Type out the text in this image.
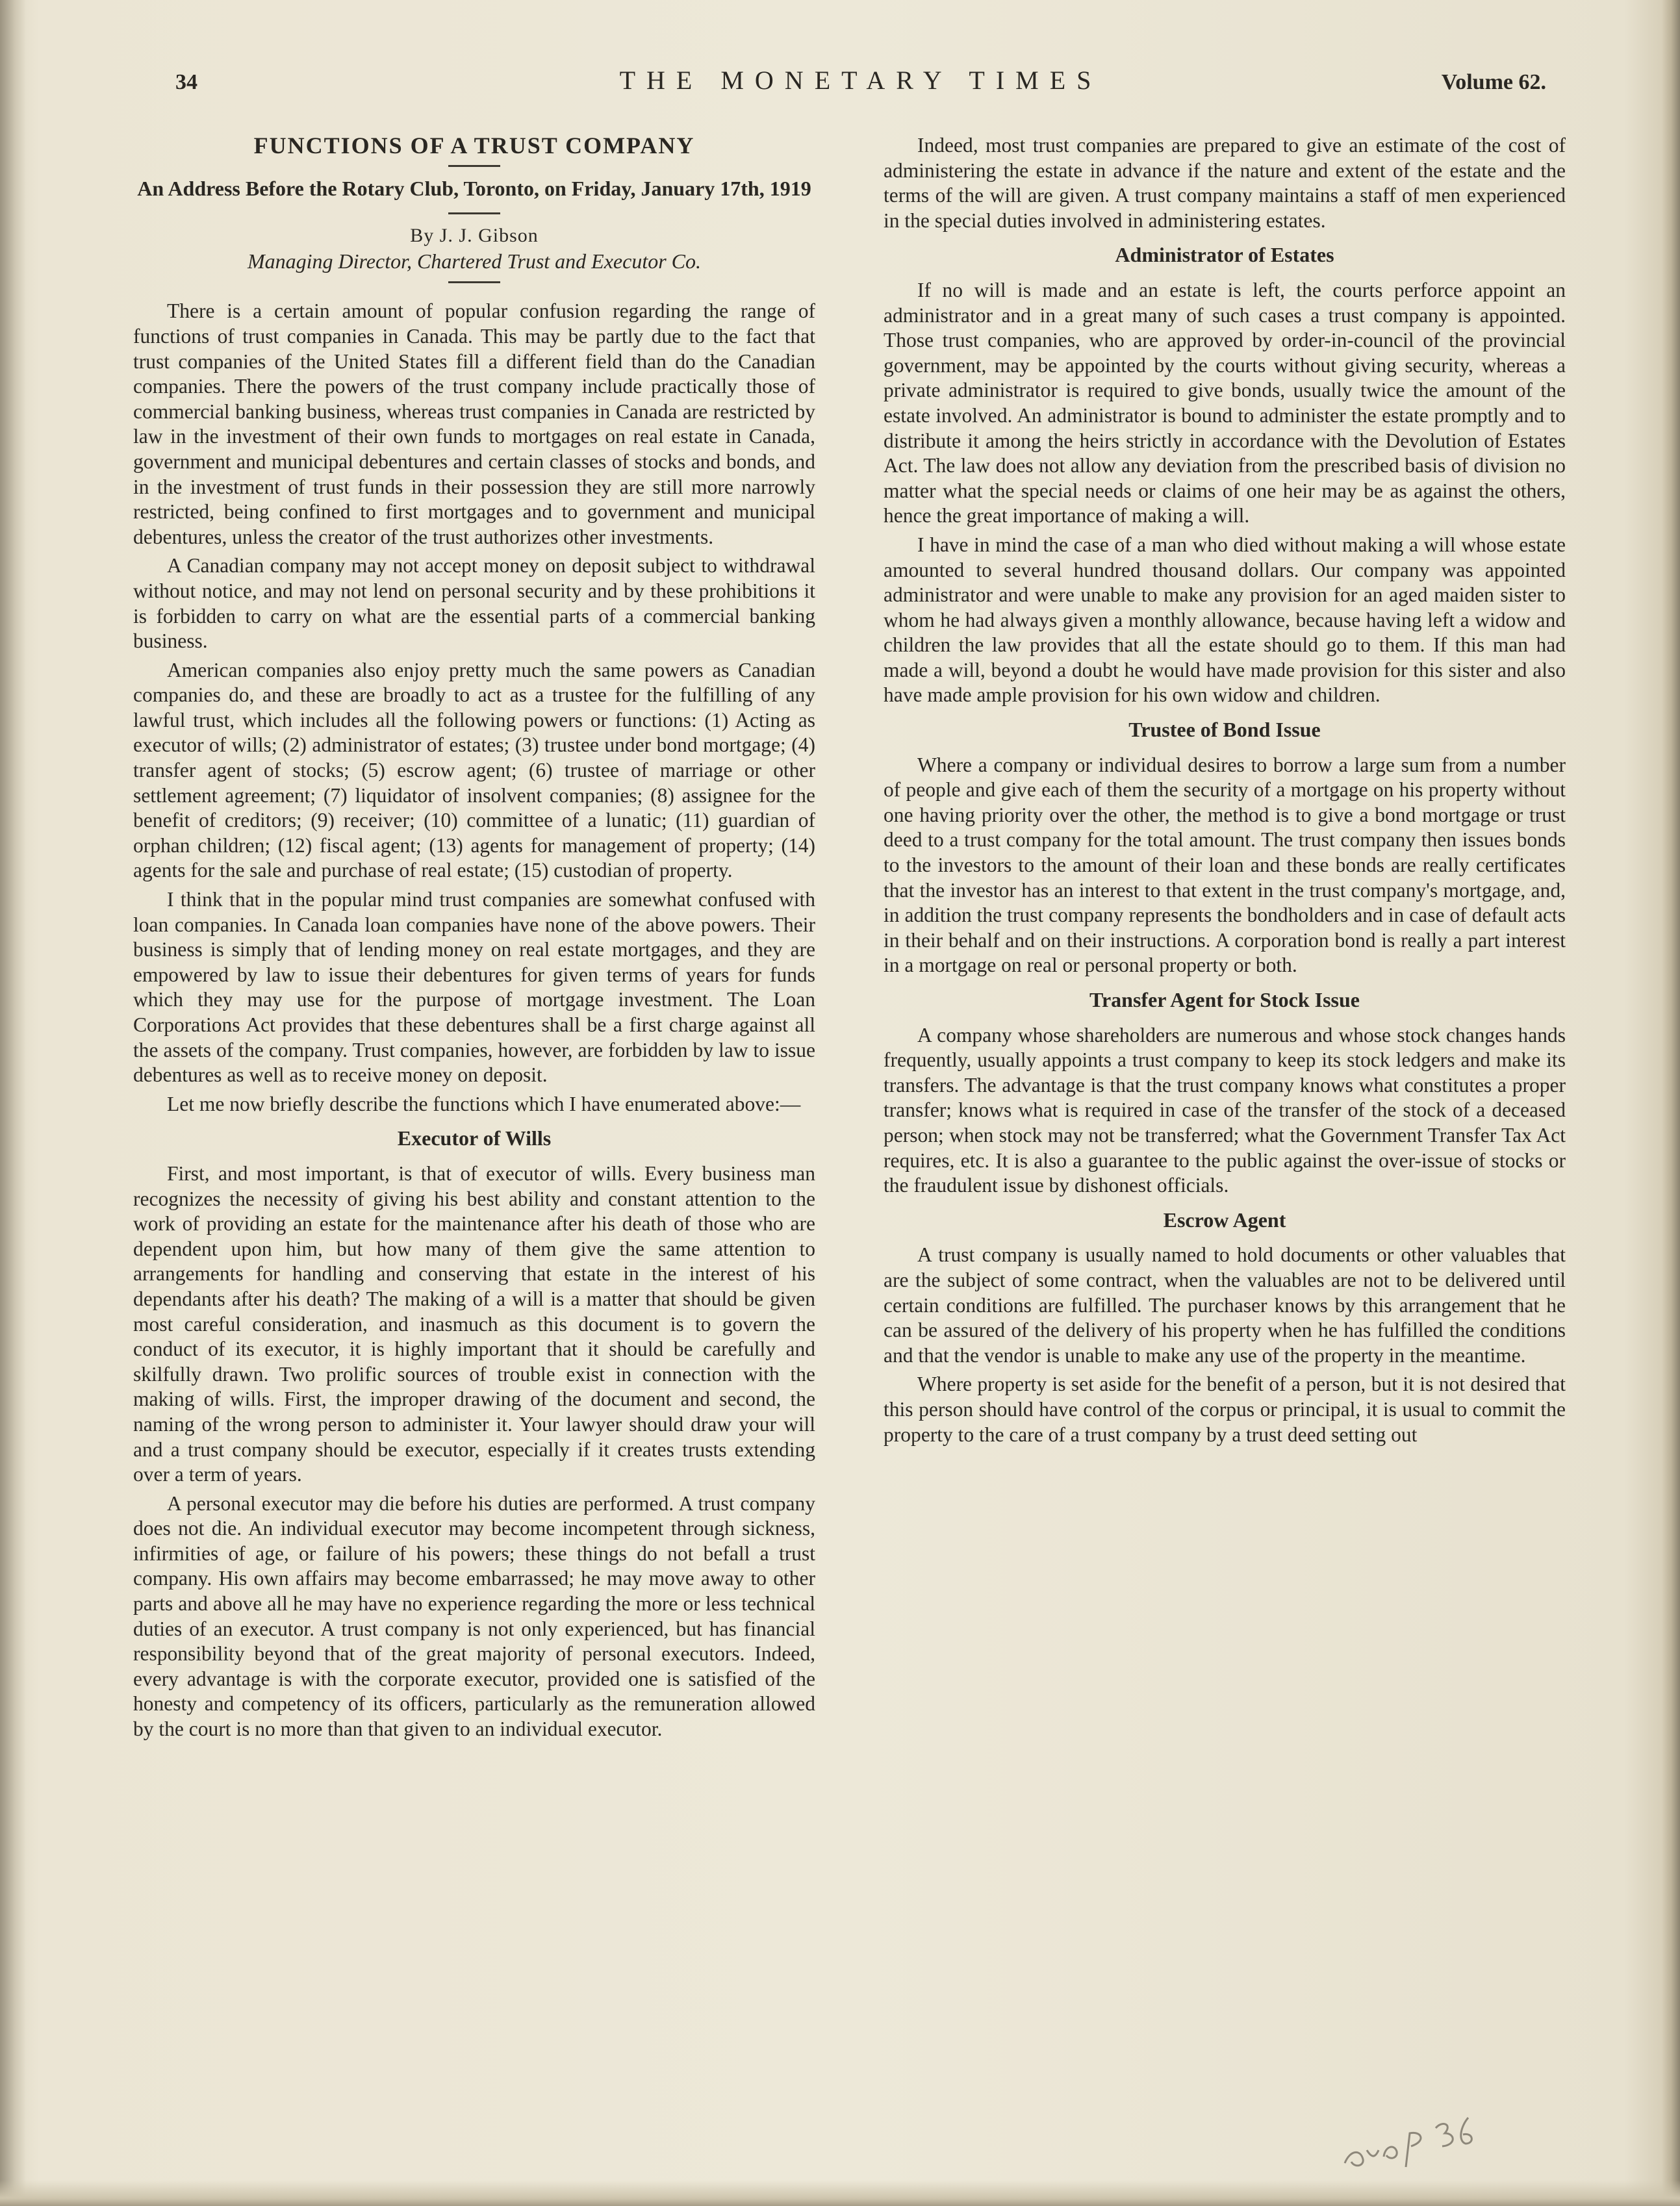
34	THE MONETARY TIMES	Volume 62.
FUNCTIONS OF A TRUST COMPANY
An Address Before the Rotary Club, Toronto, on Friday, January 17th, 1919
By J. J. Gibson
Managing Director, Chartered Trust and Executor Co.

There is a certain amount of popular confusion regarding the range of functions of trust companies in Canada. This may be partly due to the fact that trust companies of the United States fill a different field than do the Canadian companies. There the powers of the trust company include practically those of commercial banking business, whereas trust companies in Canada are restricted by law in the investment of their own funds to mortgages on real estate in Canada, government and municipal debentures and certain classes of stocks and bonds, and in the investment of trust funds in their possession they are still more narrowly restricted, being confined to first mortgages and to government and municipal debentures, unless the creator of the trust authorizes other investments.

A Canadian company may not accept money on deposit subject to withdrawal without notice, and may not lend on personal security and by these prohibitions it is forbidden to carry on what are the essential parts of a commercial banking business.

American companies also enjoy pretty much the same powers as Canadian companies do, and these are broadly to act as a trustee for the fulfilling of any lawful trust, which includes all the following powers or functions: (1) Acting as executor of wills; (2) administrator of estates; (3) trustee under bond mortgage; (4) transfer agent of stocks; (5) escrow agent; (6) trustee of marriage or other settlement agreement; (7) liquidator of insolvent companies; (8) assignee for the benefit of creditors; (9) receiver; (10) committee of a lunatic; (11) guardian of orphan children; (12) fiscal agent; (13) agents for management of property; (14) agents for the sale and purchase of real estate; (15) custodian of property.

I think that in the popular mind trust companies are somewhat confused with loan companies. In Canada loan companies have none of the above powers. Their business is simply that of lending money on real estate mortgages, and they are empowered by law to issue their debentures for given terms of years for funds which they may use for the purpose of mortgage investment. The Loan Corporations Act provides that these debentures shall be a first charge against all the assets of the company. Trust companies, however, are forbidden by law to issue debentures as well as to receive money on deposit.

Let me now briefly describe the functions which I have enumerated above:—

Executor of Wills

First, and most important, is that of executor of wills. Every business man recognizes the necessity of giving his best ability and constant attention to the work of providing an estate for the maintenance after his death of those who are dependent upon him, but how many of them give the same attention to arrangements for handling and conserving that estate in the interest of his dependants after his death? The making of a will is a matter that should be given most careful consideration, and inasmuch as this document is to govern the conduct of its executor, it is highly important that it should be carefully and skilfully drawn. Two prolific sources of trouble exist in connection with the making of wills. First, the improper drawing of the document and second, the naming of the wrong person to administer it. Your lawyer should draw your will and a trust company should be executor, especially if it creates trusts extending over a term of years.

A personal executor may die before his duties are performed. A trust company does not die. An individual executor may become incompetent through sickness, infirmities of age, or failure of his powers; these things do not befall a trust company. His own affairs may become embarrassed; he may move away to other parts and above all he may have no experience regarding the more or less technical duties of an executor. A trust company is not only experienced, but has financial responsibility beyond that of the great majority of personal executors. Indeed, every advantage is with the corporate executor, provided one is satisfied of the honesty and competency of its officers, particularly as the remuneration allowed by the court is no more than that given to an individual executor.

Indeed, most trust companies are prepared to give an estimate of the cost of administering the estate in advance if the nature and extent of the estate and the terms of the will are given. A trust company maintains a staff of men experienced in the special duties involved in administering estates.

Administrator of Estates

If no will is made and an estate is left, the courts perforce appoint an administrator and in a great many of such cases a trust company is appointed. Those trust companies, who are approved by order-in-council of the provincial government, may be appointed by the courts without giving security, whereas a private administrator is required to give bonds, usually twice the amount of the estate involved. An administrator is bound to administer the estate promptly and to distribute it among the heirs strictly in accordance with the Devolution of Estates Act. The law does not allow any deviation from the prescribed basis of division no matter what the special needs or claims of one heir may be as against the others, hence the great importance of making a will.

I have in mind the case of a man who died without making a will whose estate amounted to several hundred thousand dollars. Our company was appointed administrator and were unable to make any provision for an aged maiden sister to whom he had always given a monthly allowance, because having left a widow and children the law provides that all the estate should go to them. If this man had made a will, beyond a doubt he would have made provision for this sister and also have made ample provision for his own widow and children.

Trustee of Bond Issue

Where a company or individual desires to borrow a large sum from a number of people and give each of them the security of a mortgage on his property without one having priority over the other, the method is to give a bond mortgage or trust deed to a trust company for the total amount. The trust company then issues bonds to the investors to the amount of their loan and these bonds are really certificates that the investor has an interest to that extent in the trust company's mortgage, and, in addition the trust company represents the bondholders and in case of default acts in their behalf and on their instructions. A corporation bond is really a part interest in a mortgage on real or personal property or both.

Transfer Agent for Stock Issue

A company whose shareholders are numerous and whose stock changes hands frequently, usually appoints a trust company to keep its stock ledgers and make its transfers. The advantage is that the trust company knows what constitutes a proper transfer; knows what is required in case of the transfer of the stock of a deceased person; when stock may not be transferred; what the Government Transfer Tax Act requires, etc. It is also a guarantee to the public against the over-issue of stocks or the fraudulent issue by dishonest officials.

Escrow Agent

A trust company is usually named to hold documents or other valuables that are the subject of some contract, when the valuables are not to be delivered until certain conditions are fulfilled. The purchaser knows by this arrangement that he can be assured of the delivery of his property when he has fulfilled the conditions and that the vendor is unable to make any use of the property in the meantime.

Where property is set aside for the benefit of a person, but it is not desired that this person should have control of the corpus or principal, it is usual to commit the property to the care of a trust company by a trust deed setting out
